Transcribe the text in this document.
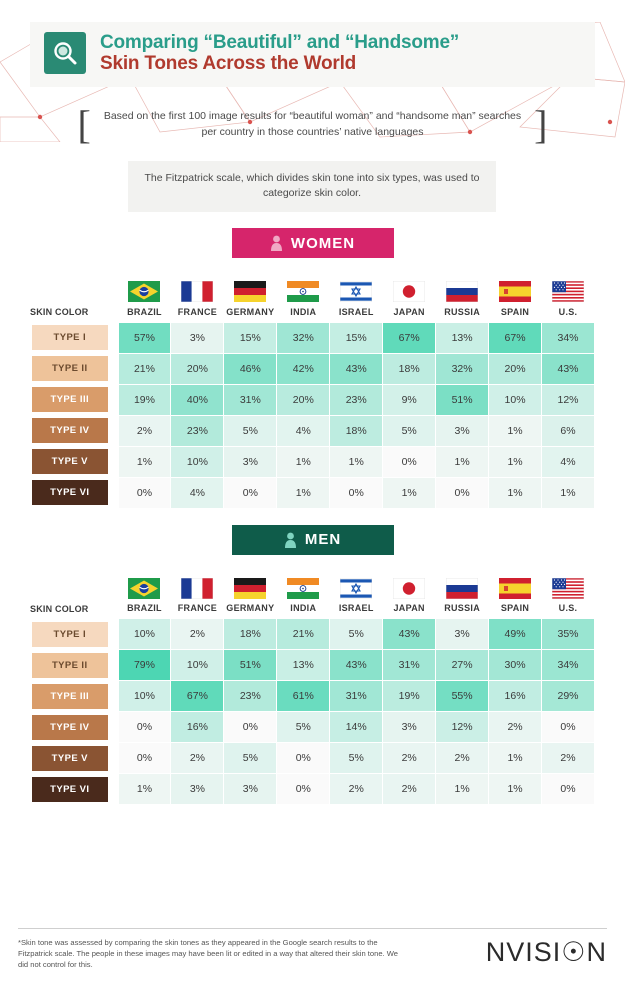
Comparing “Beautiful” and “Handsome”
Skin Tones Across the World
[	Based on the first 100 image results for “beautiful woman” and “handsome man” searches per country in those countries’ native languages	]
The Fitzpatrick scale, which divides skin tone into six types, was used to categorize skin color.
WOMEN

SKIN COLOR	BRAZIL	FRANCE	GERMANY	INDIA	ISRAEL	JAPAN	RUSSIA	SPAIN	U.S.

TYPE I	57%	3%	15%	32%	15%	67%	13%	67%	34%

TYPE II	21%	20%	46%	42%	43%	18%	32%	20%	43%

TYPE III	19%	40%	31%	20%	23%	9%	51%	10%	12%

TYPE IV	2%	23%	5%	4%	18%	5%	3%	1%	6%

TYPE V	1%	10%	3%	1%	1%	0%	1%	1%	4%

TYPE VI	0%	4%	0%	1%	0%	1%	0%	1%	1%
MEN

SKIN COLOR	BRAZIL	FRANCE	GERMANY	INDIA	ISRAEL	JAPAN	RUSSIA	SPAIN	U.S.

TYPE I	10%	2%	18%	21%	5%	43%	3%	49%	35%

TYPE II	79%	10%	51%	13%	43%	31%	27%	30%	34%

TYPE III	10%	67%	23%	61%	31%	19%	55%	16%	29%

TYPE IV	0%	16%	0%	5%	14%	3%	12%	2%	0%

TYPE V	0%	2%	5%	0%	5%	2%	2%	1%	2%

TYPE VI	1%	3%	3%	0%	2%	2%	1%	1%	0%
*Skin tone was assessed by comparing the skin tones as they appeared in the Google search results to the Fitzpatrick scale. The people in these images may have been lit or edited in a way that altered their skin tone. We did not control for this.	NVISI☉N
